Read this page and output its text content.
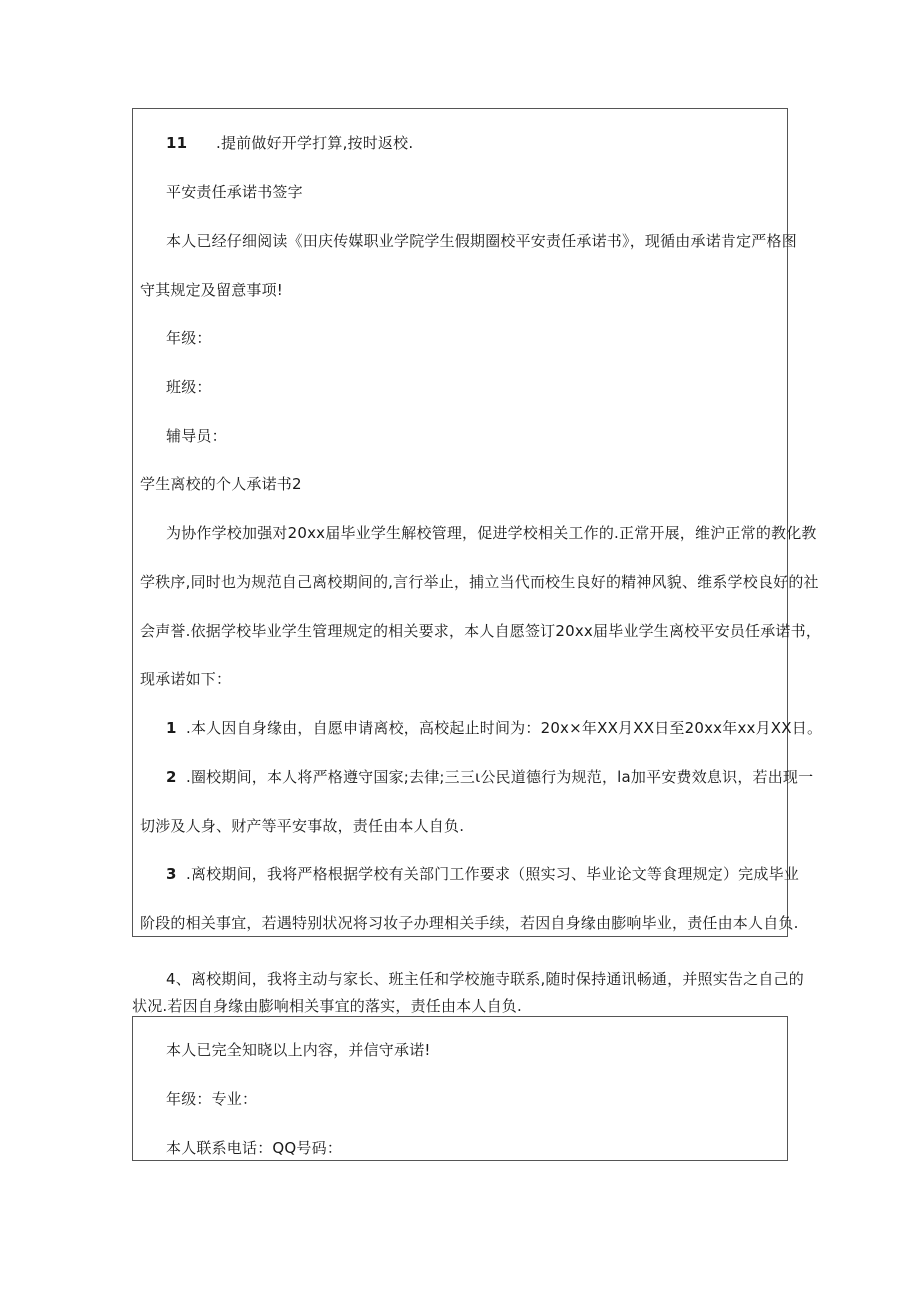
11 .提前做好开学打算,按时返校.
平安责任承诺书签字
本人已经仔细阅读《田庆传媒职业学院学生假期圈校平安责任承诺书》，现循由承诺肯定严格图
守其规定及留意事项!
年级：
班级：
辅导员：
学生离校的个人承诺书2
为协作学校加强对20xx届毕业学生解校管理，促进学校相关工作的.正常开展，维沪正常的教化教
学秩序,同时也为规范自己离校期间的,言行举止，捕立当代而校生良好的精神风貌、维系学校良好的社
会声誉.依据学校毕业学生管理规定的相关要求，本人自愿签订20xx届毕业学生离校平安员任承诺书，
现承诺如下：
1 .本人因自身缘由，自愿申请离校，高校起止时间为：20x×年XX月XX日至20xx年xx月XX日。
2 .圈校期间，本人将严格遵守国家;去律;三三ι公民道德行为规范，la加平安费效息识，若出现一
切涉及人身、财产等平安事故，责任由本人自负.
3 .离校期间，我将严格根据学校有关部门工作要求（照实习、毕业论文等食理规定）完成毕业
阶段的相关事宜，若遇特别状况将习妆子办理相关手续，若因自身缘由膨响毕业，责任由本人自负.
4、离校期间，我将主动与家长、班主任和学校施寺联系,随时保持通讯畅通，并照实告之自己的
状况.若因自身缘由膨响相关事宜的落实，责任由本人自负.
本人已完全知晓以上内容，并信守承诺!
年级：专业：
本人联系电话：QQ号码：
